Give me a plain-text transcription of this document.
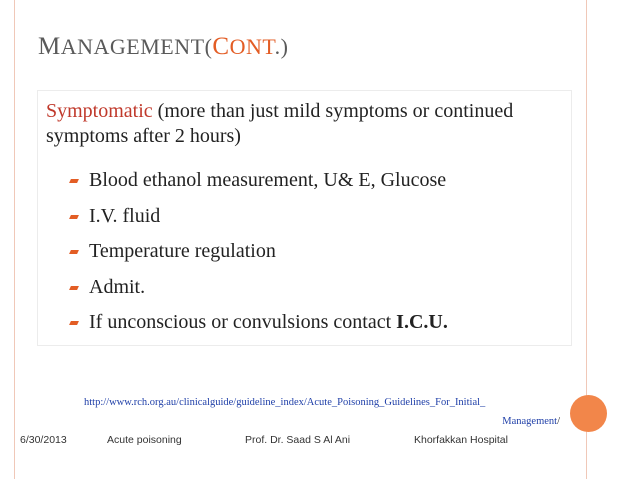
MANAGEMENT(CONT.)
Symptomatic (more than just mild symptoms or continued symptoms after 2 hours)
Blood ethanol measurement, U& E, Glucose
I.V. fluid
Temperature regulation
Admit.
If unconscious or convulsions contact I.C.U.
http://www.rch.org.au/clinicalguide/guideline_index/Acute_Poisoning_Guidelines_For_Initial_
Management/
6/30/2013	Acute poisoning	Prof. Dr. Saad S Al Ani	Khorfakkan Hospital
